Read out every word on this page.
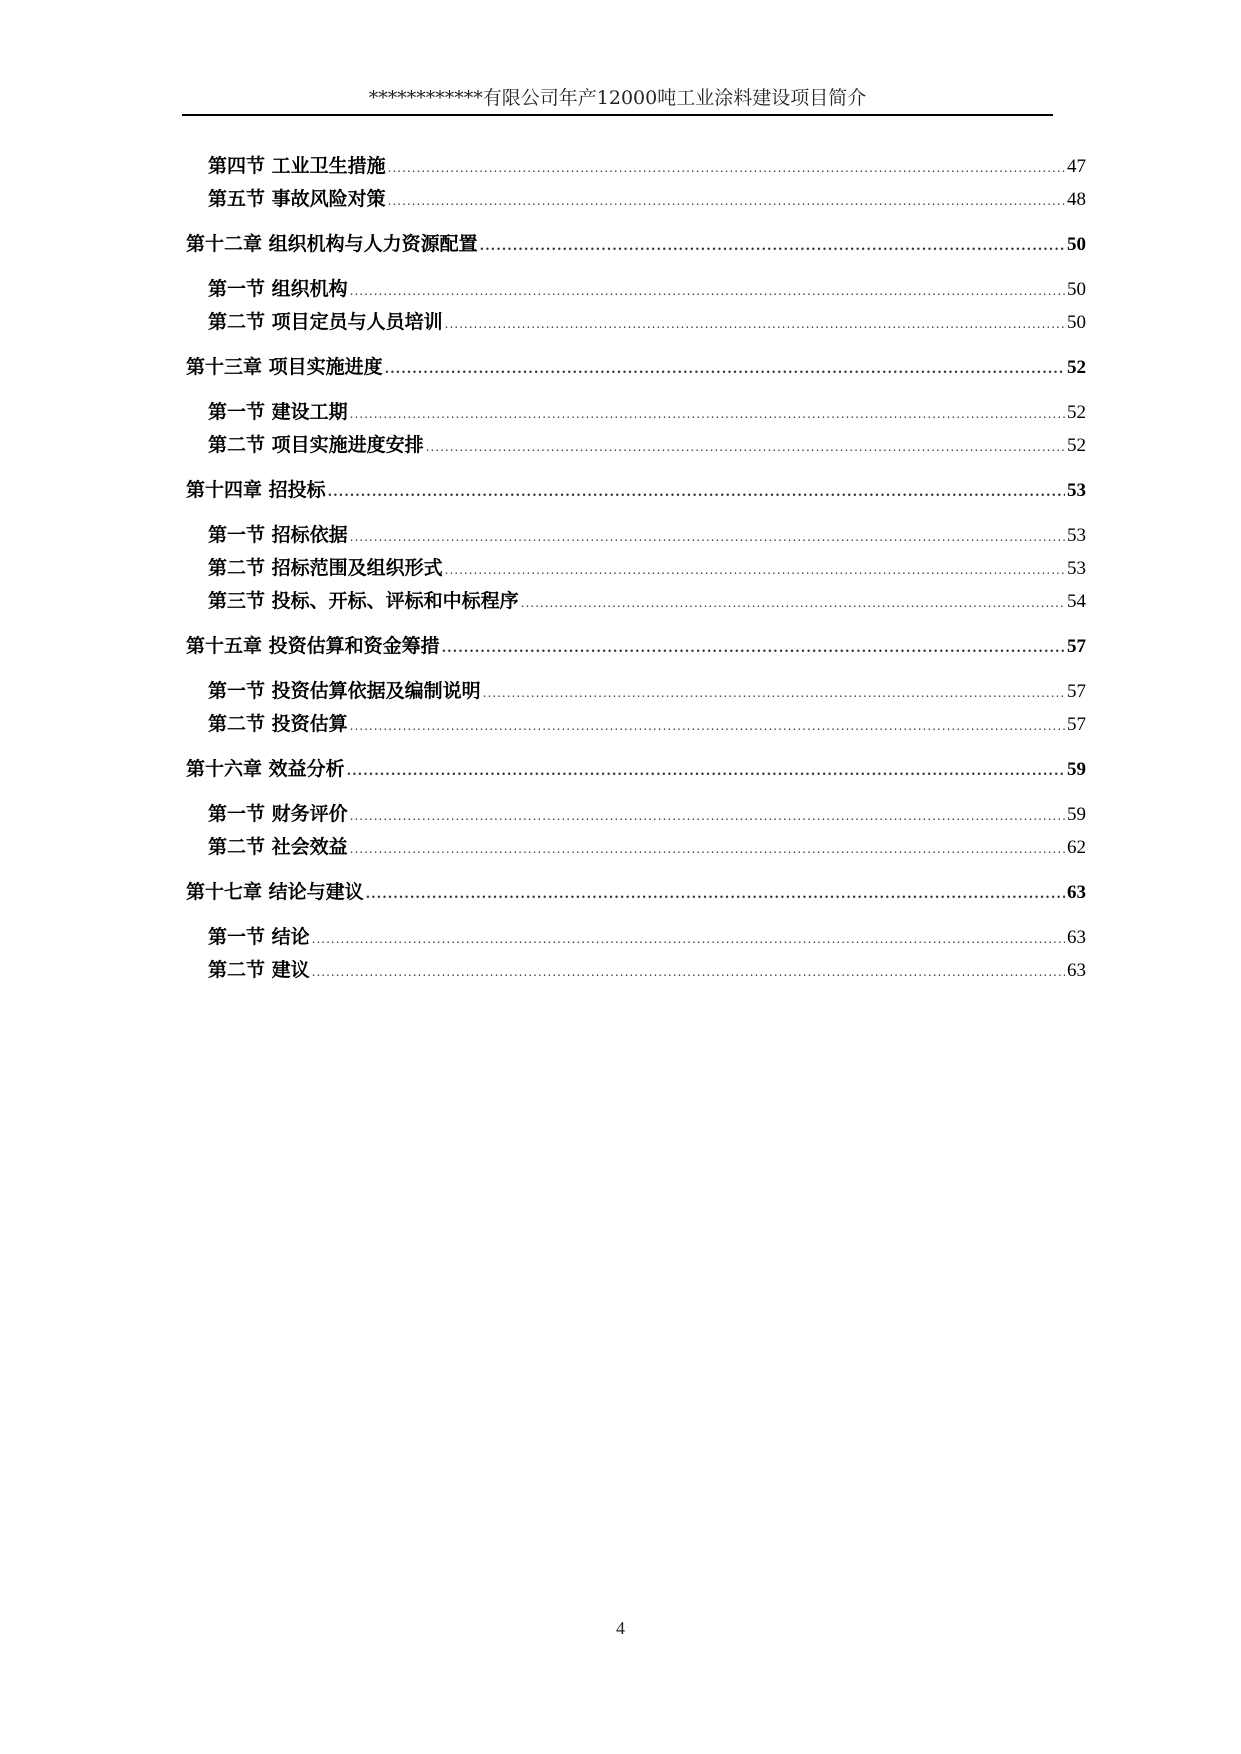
************有限公司年产12000吨工业涂料建设项目简介
第四节 工业卫生措施 .....	47
第五节 事故风险对策 .....	48
第十二章 组织机构与人力资源配置 .....	50
第一节 组织机构 .....	50
第二节 项目定员与人员培训 .....	50
第十三章 项目实施进度 .....	52
第一节 建设工期 .....	52
第二节 项目实施进度安排 .....	52
第十四章 招投标 .....	53
第一节 招标依据 .....	53
第二节 招标范围及组织形式 .....	53
第三节 投标、开标、评标和中标程序 .....	54
第十五章 投资估算和资金筹措 .....	57
第一节 投资估算依据及编制说明 .....	57
第二节 投资估算 .....	57
第十六章 效益分析 .....	59
第一节 财务评价 .....	59
第二节 社会效益 .....	62
第十七章 结论与建议 .....	63
第一节 结论 .....	63
第二节 建议 .....	63
4
